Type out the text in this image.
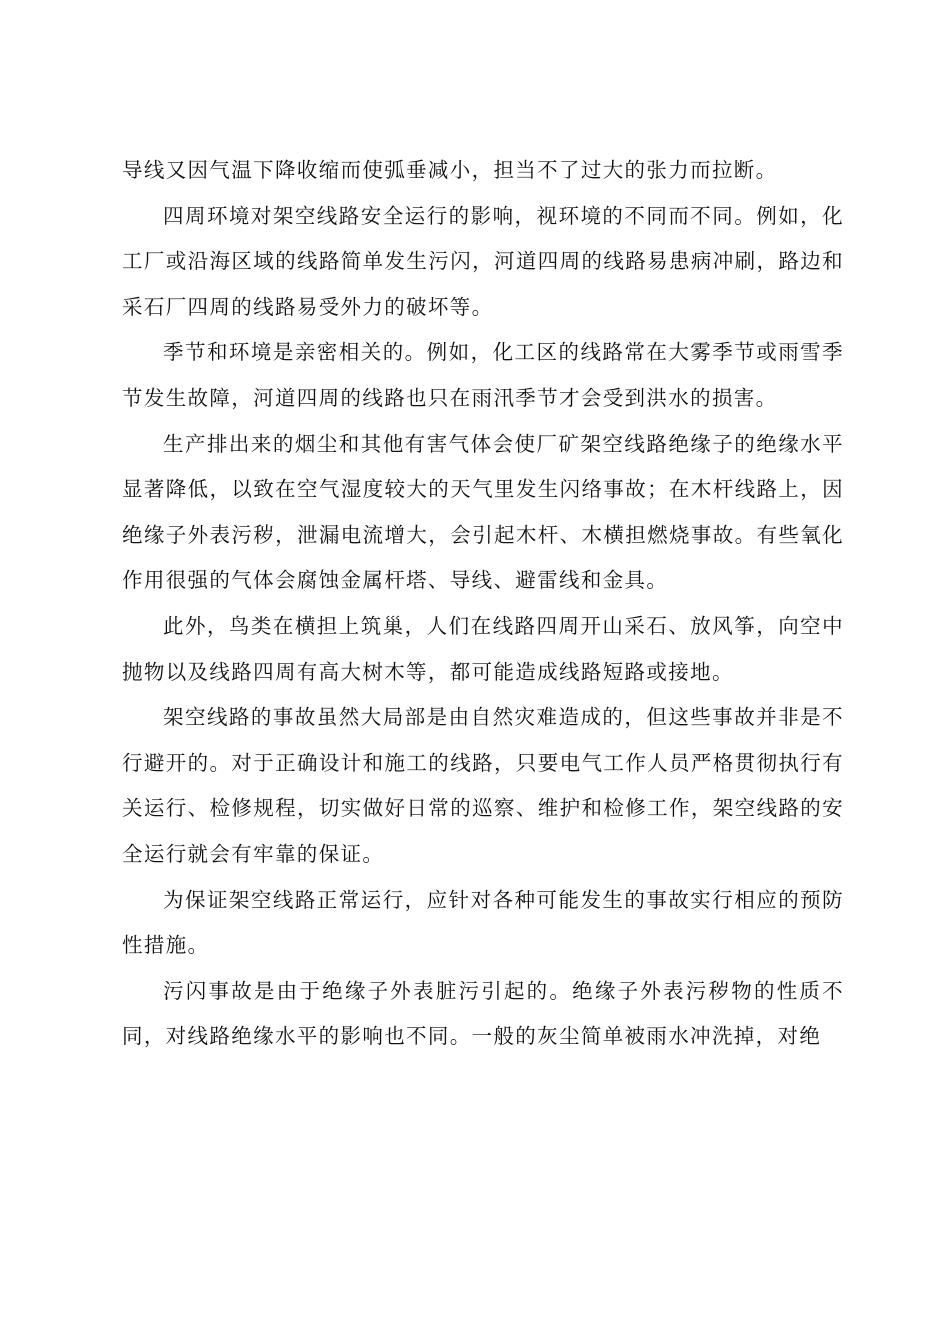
导线又因气温下降收缩而使弧垂减小，担当不了过大的张力而拉断。

四周环境对架空线路安全运行的影响，视环境的不同而不同。例如，化工厂或沿海区域的线路简单发生污闪，河道四周的线路易患病冲刷，路边和采石厂四周的线路易受外力的破坏等。

季节和环境是亲密相关的。例如，化工区的线路常在大雾季节或雨雪季节发生故障，河道四周的线路也只在雨汛季节才会受到洪水的损害。

生产排出来的烟尘和其他有害气体会使厂矿架空线路绝缘子的绝缘水平显著降低，以致在空气湿度较大的天气里发生闪络事故；在木杆线路上，因绝缘子外表污秽，泄漏电流增大，会引起木杆、木横担燃烧事故。有些氧化作用很强的气体会腐蚀金属杆塔、导线、避雷线和金具。

此外，鸟类在横担上筑巢，人们在线路四周开山采石、放风筝，向空中抛物以及线路四周有高大树木等，都可能造成线路短路或接地。

架空线路的事故虽然大局部是由自然灾难造成的，但这些事故并非是不行避开的。对于正确设计和施工的线路，只要电气工作人员严格贯彻执行有关运行、检修规程，切实做好日常的巡察、维护和检修工作，架空线路的安全运行就会有牢靠的保证。

为保证架空线路正常运行，应针对各种可能发生的事故实行相应的预防性措施。

污闪事故是由于绝缘子外表脏污引起的。绝缘子外表污秽物的性质不同，对线路绝缘水平的影响也不同。一般的灰尘简单被雨水冲洗掉，对绝
